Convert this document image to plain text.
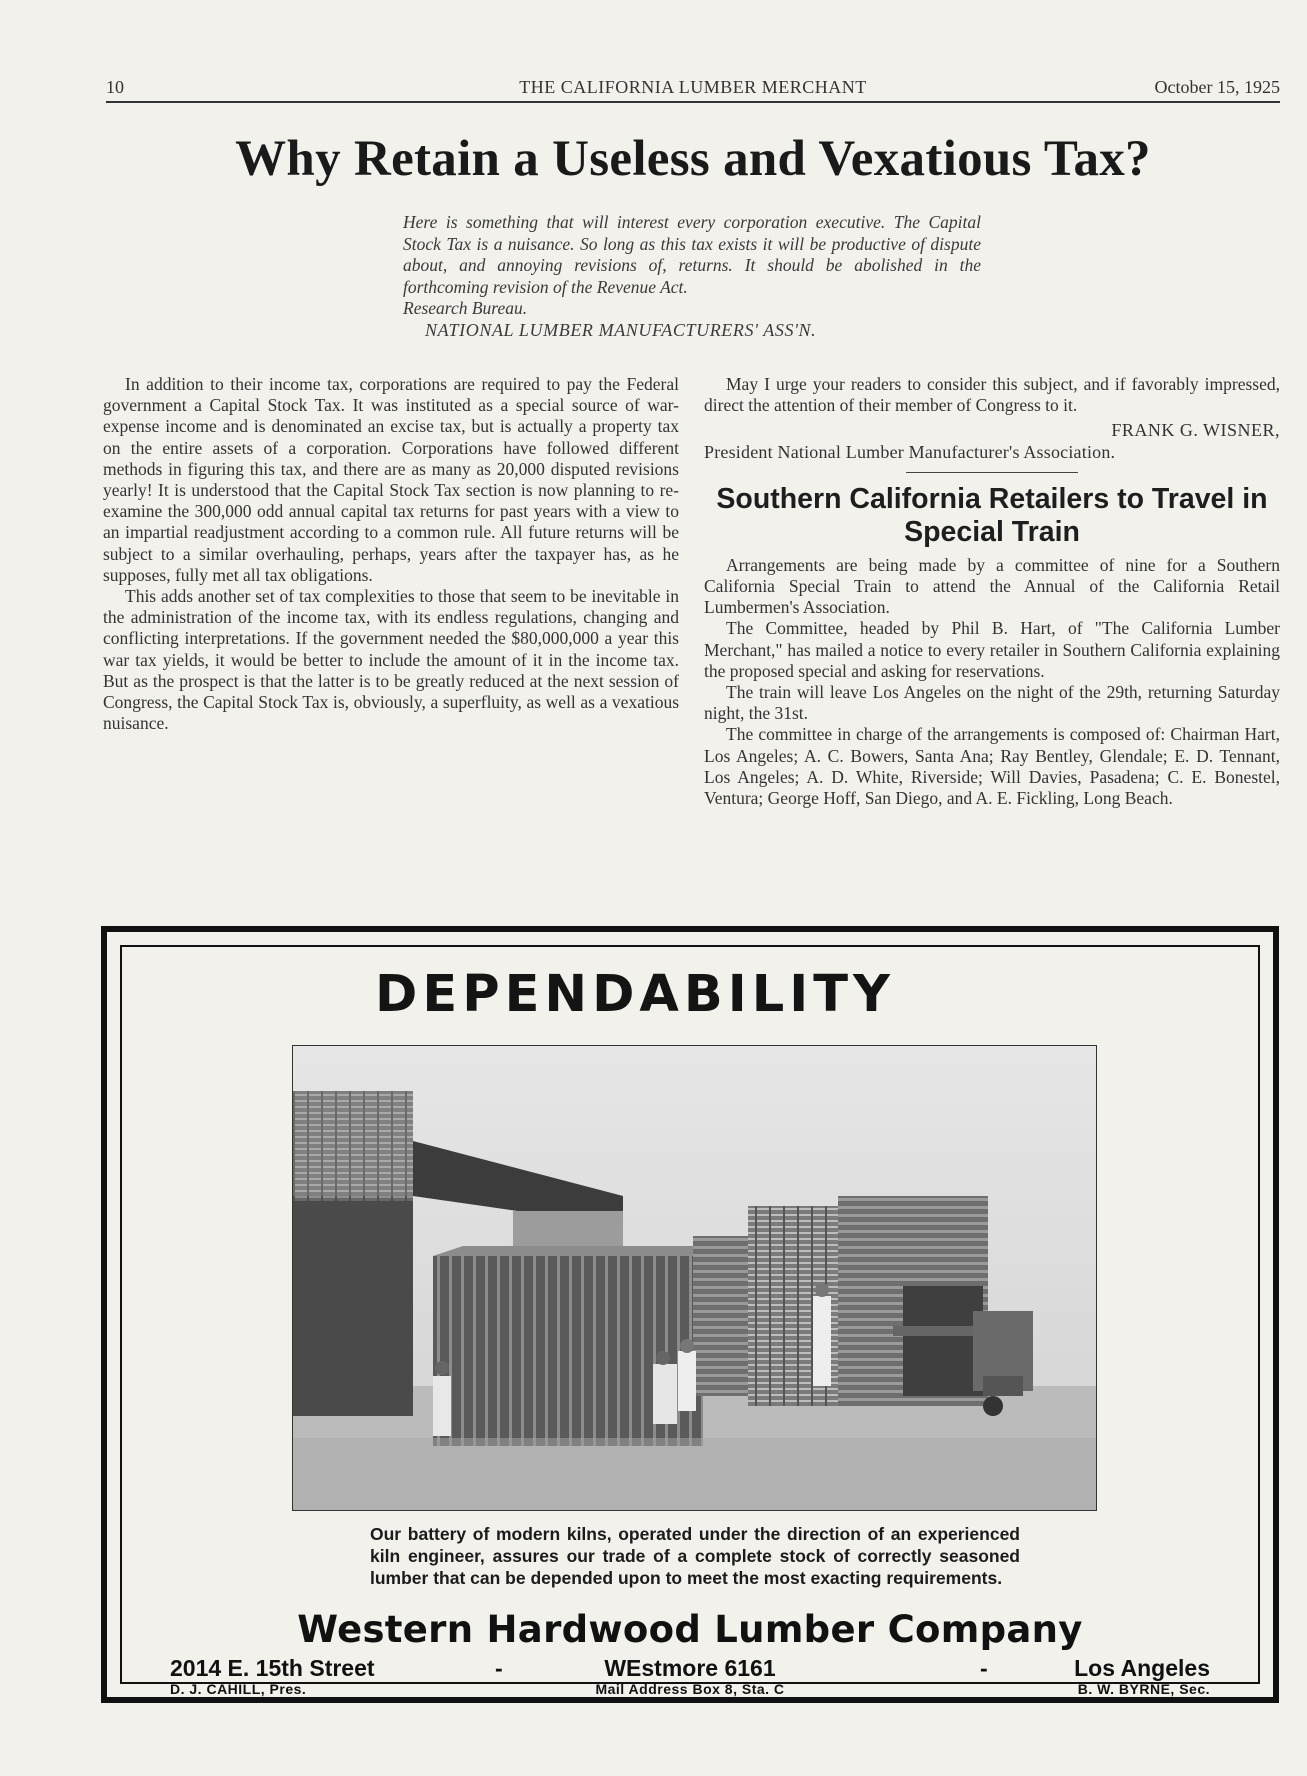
10	THE CALIFORNIA LUMBER MERCHANT	October 15, 1925
Why Retain a Useless and Vexatious Tax?
Here is something that will interest every corporation executive. The Capital Stock Tax is a nuisance. So long as this tax exists it will be productive of dispute about, and annoying revisions of, returns. It should be abolished in the forthcoming revision of the Revenue Act.
Research Bureau.
NATIONAL LUMBER MANUFACTURERS' ASS'N.

In addition to their income tax, corporations are required to pay the Federal government a Capital Stock Tax. It was instituted as a special source of war-expense income and is denominated an excise tax, but is actually a property tax on the entire assets of a corporation. Corporations have followed different methods in figuring this tax, and there are as many as 20,000 disputed revisions yearly! It is understood that the Capital Stock Tax section is now planning to re-examine the 300,000 odd annual capital tax returns for past years with a view to an impartial readjustment according to a common rule. All future returns will be subject to a similar overhauling, perhaps, years after the taxpayer has, as he supposes, fully met all tax obligations.

This adds another set of tax complexities to those that seem to be inevitable in the administration of the income tax, with its endless regulations, changing and conflicting interpretations. If the government needed the $80,000,000 a year this war tax yields, it would be better to include the amount of it in the income tax. But as the prospect is that the latter is to be greatly reduced at the next session of Congress, the Capital Stock Tax is, obviously, a superfluity, as well as a vexatious nuisance.

May I urge your readers to consider this subject, and if favorably impressed, direct the attention of their member of Congress to it.

FRANK G. WISNER,
President National Lumber Manufacturer's Association.
Southern California Retailers to Travel in Special Train

Arrangements are being made by a committee of nine for a Southern California Special Train to attend the Annual of the California Retail Lumbermen's Association.

The Committee, headed by Phil B. Hart, of "The California Lumber Merchant," has mailed a notice to every retailer in Southern California explaining the proposed special and asking for reservations.

The train will leave Los Angeles on the night of the 29th, returning Saturday night, the 31st.

The committee in charge of the arrangements is composed of: Chairman Hart, Los Angeles; A. C. Bowers, Santa Ana; Ray Bentley, Glendale; E. D. Tennant, Los Angeles; A. D. White, Riverside; Will Davies, Pasadena; C. E. Bonestel, Ventura; George Hoff, San Diego, and A. E. Fickling, Long Beach.

DEPENDABILITY
Our battery of modern kilns, operated under the direction of an experienced kiln engineer, assures our trade of a complete stock of correctly seasoned lumber that can be depended upon to meet the most exacting requirements.
Western Hardwood Lumber Company
2014 E. 15th Street	-	WEstmore 6161	-	Los Angeles
D. J. CAHILL, Pres.	Mail Address Box 8, Sta. C	B. W. BYRNE, Sec.
